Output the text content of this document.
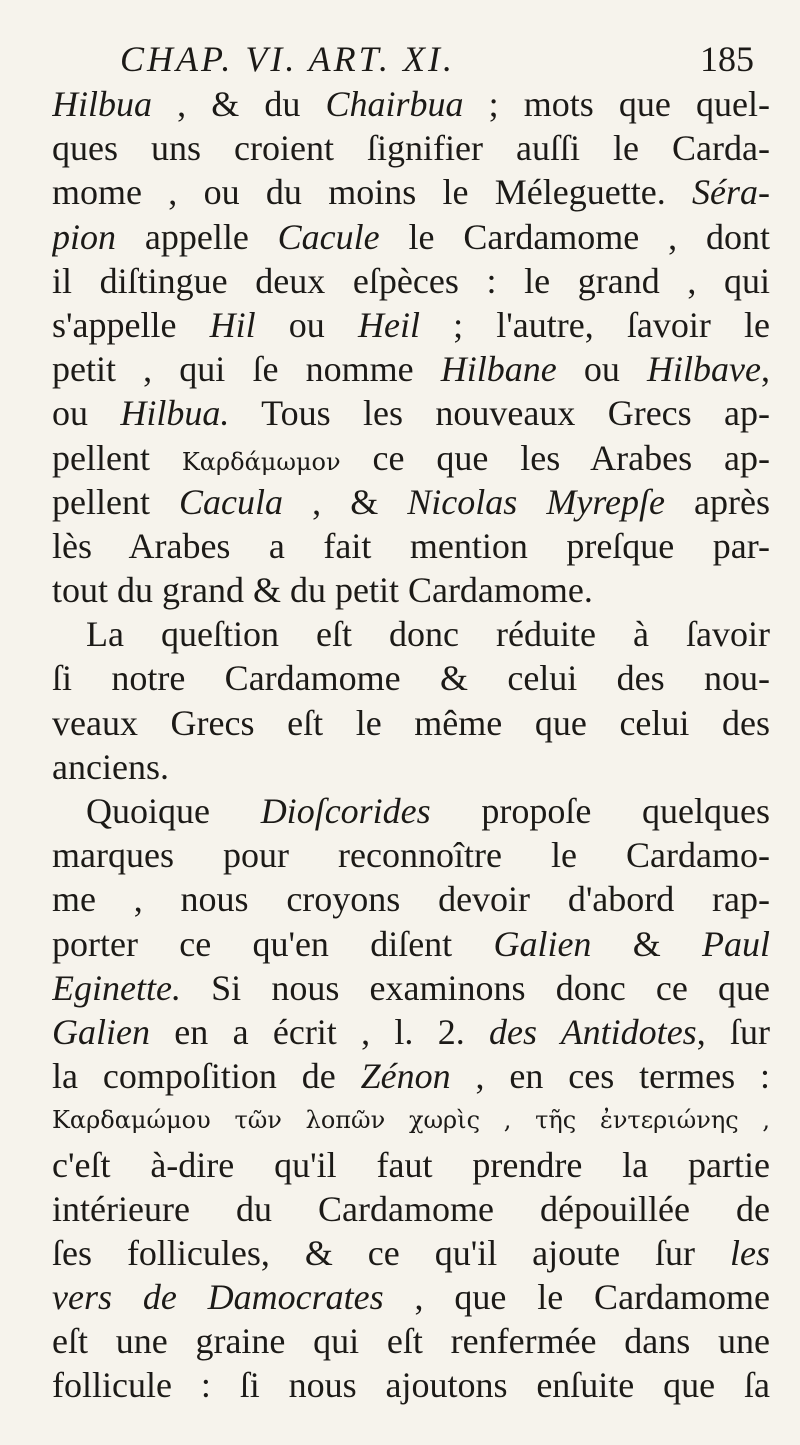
CHAP. VI. ART. XI.	185
Hilbua , & du Chairbua ; mots que quel-
ques uns croient ſignifier auſſi le Carda-
mome , ou du moins le Méleguette. Séra-
pion appelle Cacule le Cardamome , dont
il diſtingue deux eſpèces : le grand , qui
s'appelle Hil ou Heil ; l'autre, ſavoir le
petit , qui ſe nomme Hilbane ou Hilbave,
ou Hilbua. Tous les nouveaux Grecs ap-
pellent Καρδάμωμον ce que les Arabes ap-
pellent Cacula , & Nicolas Myrepſe après
lès Arabes a fait mention preſque par-
tout du grand & du petit Cardamome.
La queſtion eſt donc réduite à ſavoir
ſi notre Cardamome & celui des nou-
veaux Grecs eſt le même que celui des
anciens.
Quoique Dioſcorides propoſe quelques
marques pour reconnoître le Cardamo-
me , nous croyons devoir d'abord rap-
porter ce qu'en diſent Galien & Paul
Eginette. Si nous examinons donc ce que
Galien en a écrit , l. 2. des Antidotes, ſur
la compoſition de Zénon , en ces termes :
Καρδαμώμου τῶν λοπῶν χωρὶς , τῆς ἐντεριώνης ,
c'eſt à-dire qu'il faut prendre la partie
intérieure du Cardamome dépouillée de
ſes follicules, & ce qu'il ajoute ſur les
vers de Damocrates , que le Cardamome
eſt une graine qui eſt renfermée dans une
follicule : ſi nous ajoutons enſuite que ſa
